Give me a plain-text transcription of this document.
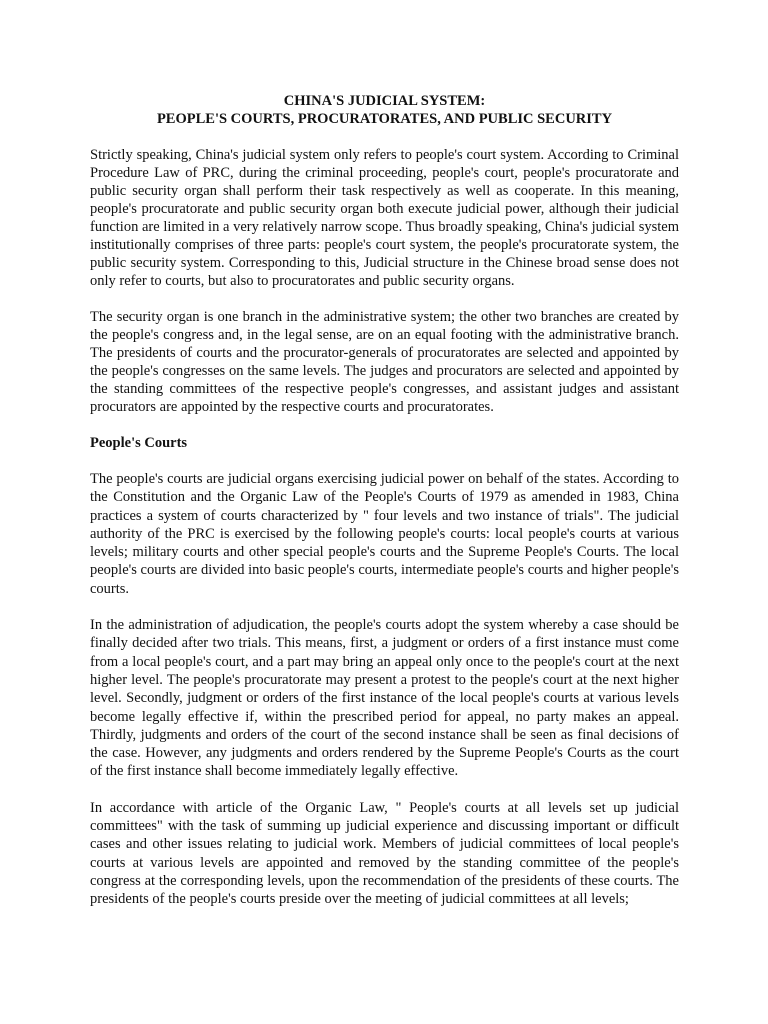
CHINA'S JUDICIAL SYSTEM:
PEOPLE'S COURTS, PROCURATORATES, AND PUBLIC SECURITY

Strictly speaking, China's judicial system only refers to people's court system. According to Criminal Procedure Law of PRC, during the criminal proceeding, people's court, people's procuratorate and public security organ shall perform their task respectively as well as cooperate. In this meaning, people's procuratorate and public security organ both execute judicial power, although their judicial function are limited in a very relatively narrow scope. Thus broadly speaking, China's judicial system institutionally comprises of three parts: people's court system, the people's procuratorate system, the public security system. Corresponding to this, Judicial structure in the Chinese broad sense does not only refer to courts, but also to procuratorates and public security organs.

The security organ is one branch in the administrative system; the other two branches are created by the people's congress and, in the legal sense, are on an equal footing with the administrative branch. The presidents of courts and the procurator-generals of procuratorates are selected and appointed by the people's congresses on the same levels. The judges and procurators are selected and appointed by the standing committees of the respective people's congresses, and assistant judges and assistant procurators are appointed by the respective courts and procuratorates.

People's Courts

The people's courts are judicial organs exercising judicial power on behalf of the states. According to the Constitution and the Organic Law of the People's Courts of 1979 as amended in 1983, China practices a system of courts characterized by " four levels and two instance of trials". The judicial authority of the PRC is exercised by the following people's courts: local people's courts at various levels; military courts and other special people's courts and the Supreme People's Courts. The local people's courts are divided into basic people's courts, intermediate people's courts and higher people's courts.

In the administration of adjudication, the people's courts adopt the system whereby a case should be finally decided after two trials. This means, first, a judgment or orders of a first instance must come from a local people's court, and a part may bring an appeal only once to the people's court at the next higher level. The people's procuratorate may present a protest to the people's court at the next higher level. Secondly, judgment or orders of the first instance of the local people's courts at various levels become legally effective if, within the prescribed period for appeal, no party makes an appeal. Thirdly, judgments and orders of the court of the second instance shall be seen as final decisions of the case. However, any judgments and orders rendered by the Supreme People's Courts as the court of the first instance shall become immediately legally effective.

In accordance with article of the Organic Law, " People's courts at all levels set up judicial committees" with the task of summing up judicial experience and discussing important or difficult cases and other issues relating to judicial work. Members of judicial committees of local people's courts at various levels are appointed and removed by the standing committee of the people's congress at the corresponding levels, upon the recommendation of the presidents of these courts. The presidents of the people's courts preside over the meeting of judicial committees at all levels;
